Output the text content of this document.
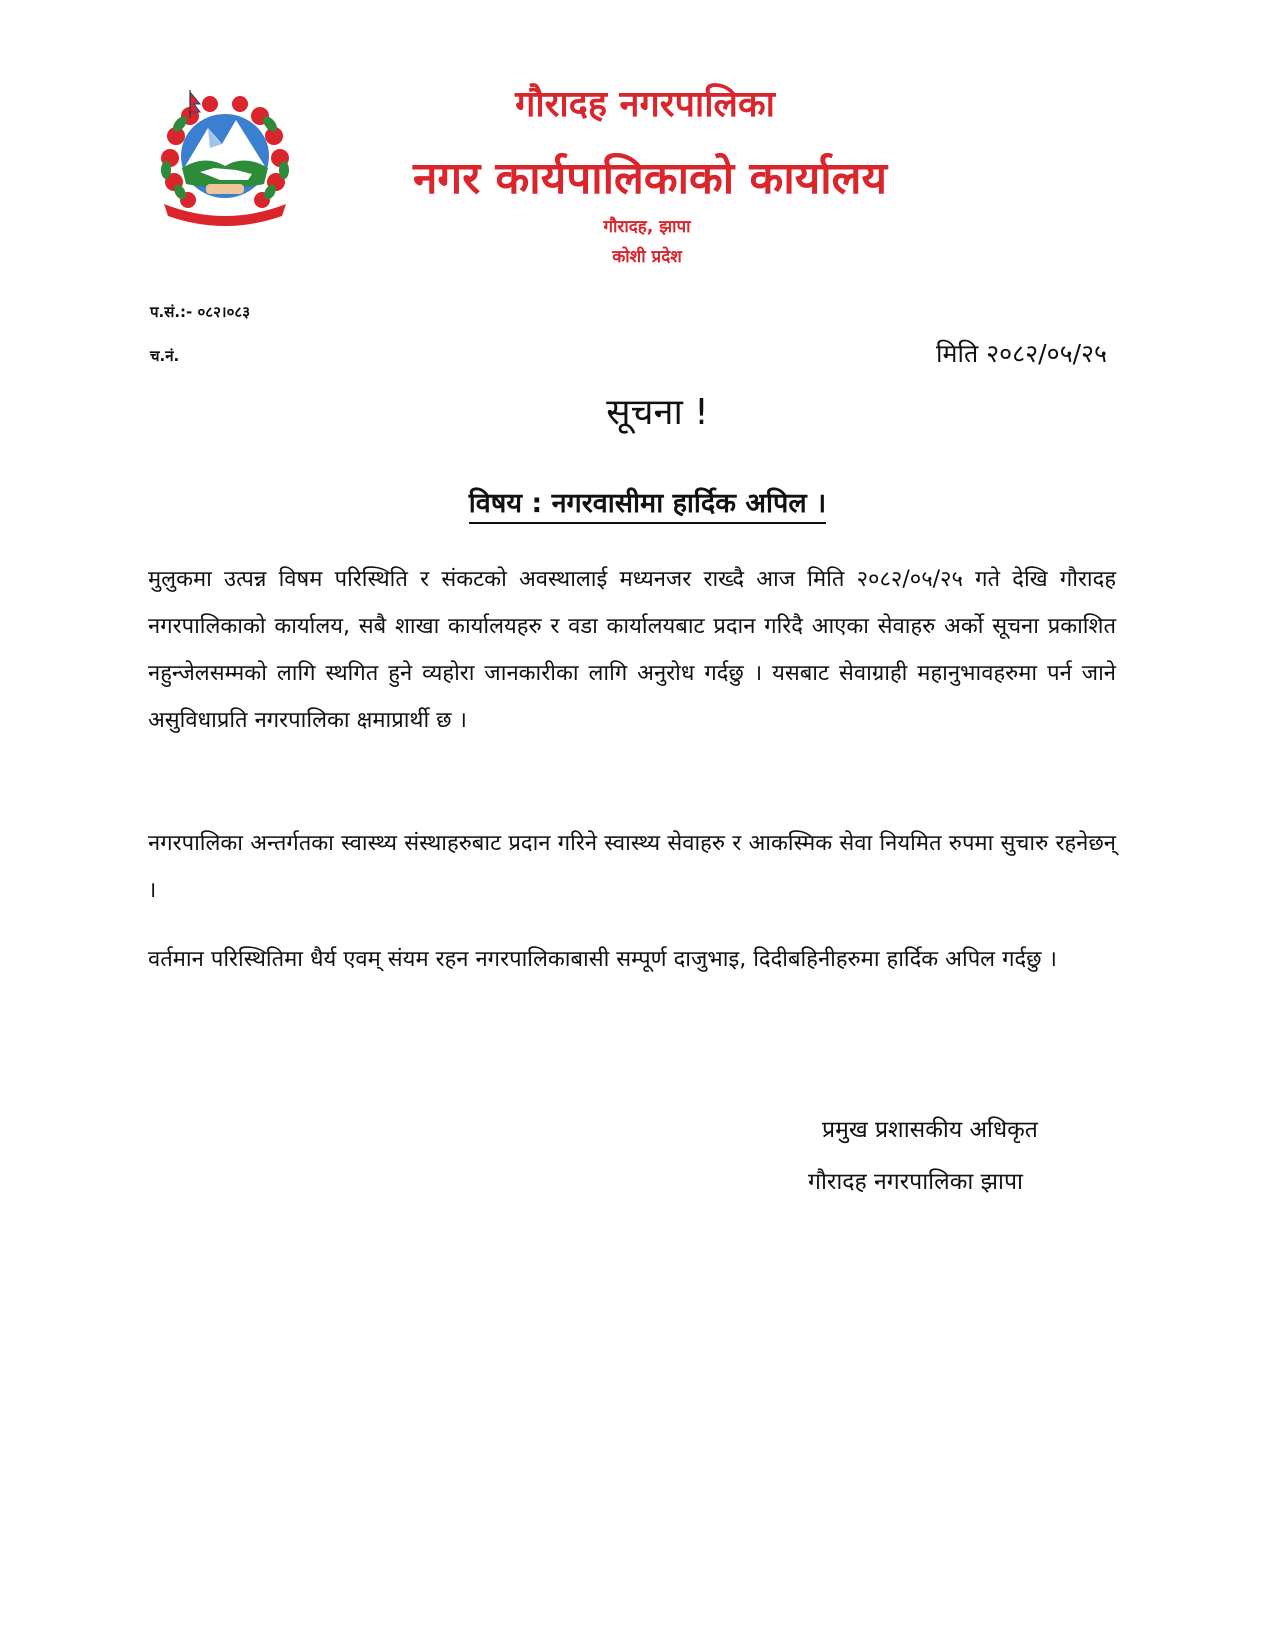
गौरादह नगरपालिका
नगर कार्यपालिकाको कार्यालय
गौरादह, झापा
कोशी प्रदेश
प.सं.:- ०८२।०८३
च.नं.	मिति २०८२/०५/२५
सूचना !
विषय : नगरवासीमा हार्दिक अपिल ।
मुलुकमा उत्पन्न विषम परिस्थिति र संकटको अवस्थालाई मध्यनजर राख्दै आज मिति २०८२/०५/२५ गते देखि गौरादह नगरपालिकाको कार्यालय, सबै शाखा कार्यालयहरु र वडा कार्यालयबाट प्रदान गरिदै आएका सेवाहरु अर्को सूचना प्रकाशित नहुन्जेलसम्मको लागि स्थगित हुने व्यहोरा जानकारीका लागि अनुरोध गर्दछु । यसबाट सेवाग्राही महानुभावहरुमा पर्न जाने असुविधाप्रति नगरपालिका क्षमाप्रार्थी छ ।
नगरपालिका अन्तर्गतका स्वास्थ्य संस्थाहरुबाट प्रदान गरिने स्वास्थ्य सेवाहरु र आकस्मिक सेवा नियमित रुपमा सुचारु रहनेछन् ।
वर्तमान परिस्थितिमा धैर्य एवम् संयम रहन नगरपालिकाबासी सम्पूर्ण दाजुभाइ, दिदीबहिनीहरुमा हार्दिक अपिल गर्दछु ।
प्रमुख प्रशासकीय अधिकृत
गौरादह नगरपालिका झापा
